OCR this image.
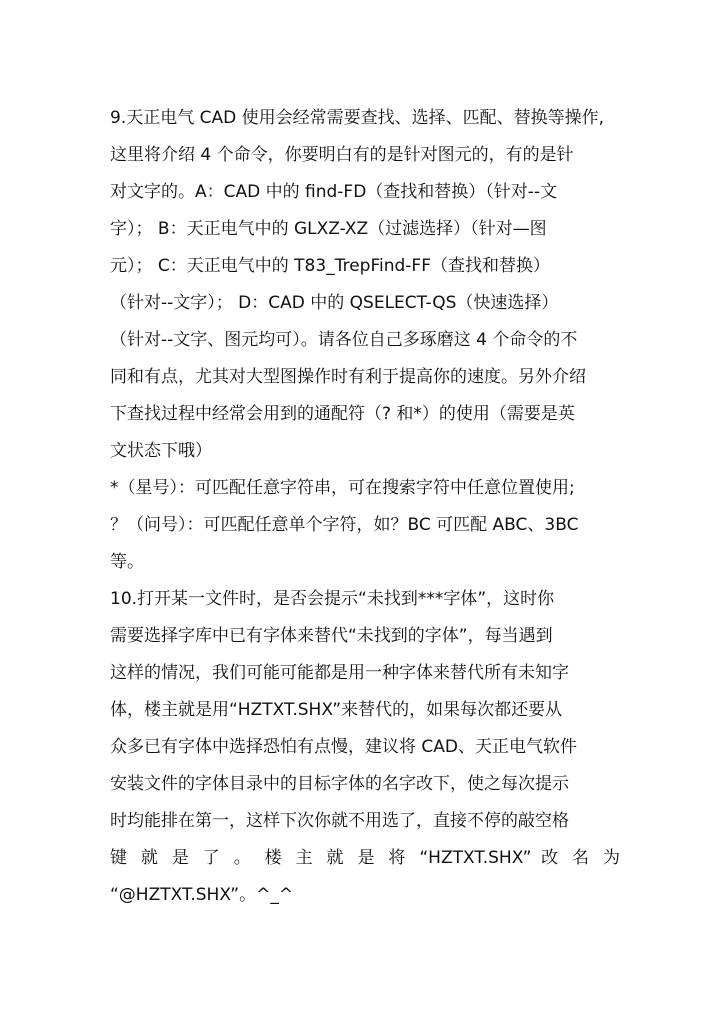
9.天正电气 CAD 使用会经常需要查找、选择、匹配、替换等操作,
这里将介绍 4 个命令，你要明白有的是针对图元的，有的是针
对文字的。A：CAD 中的 find-FD（查找和替换）（针对--文
字）； B：天正电气中的 GLXZ-XZ（过滤选择）（针对—图
元）； C：天正电气中的 T83_TrepFind-FF（查找和替换）
（针对--文字）； D：CAD 中的 QSELECT-QS（快速选择）
（针对--文字、图元均可）。请各位自己多琢磨这 4 个命令的不
同和有点，尤其对大型图操作时有利于提高你的速度。另外介绍
下查找过程中经常会用到的通配符（? 和*）的使用（需要是英
文状态下哦）
*（星号）：可匹配任意字符串，可在搜索字符中任意位置使用;
？（问号）：可匹配任意单个字符，如？BC 可匹配 ABC、3BC
等。
10.打开某一文件时，是否会提示“未找到***字体”，这时你
需要选择字库中已有字体来替代“未找到的字体”，每当遇到
这样的情况，我们可能可能都是用一种字体来替代所有未知字
体，楼主就是用“HZTXT.SHX”来替代的，如果每次都还要从
众多已有字体中选择恐怕有点慢，建议将 CAD、天正电气软件
安装文件的字体目录中的目标字体的名字改下，使之每次提示
时均能排在第一，这样下次你就不用选了，直接不停的敲空格
键 就 是 了 。 楼 主 就 是 将 “HZTXT.SHX” 改 名 为
“@HZTXT.SHX”。^_^
